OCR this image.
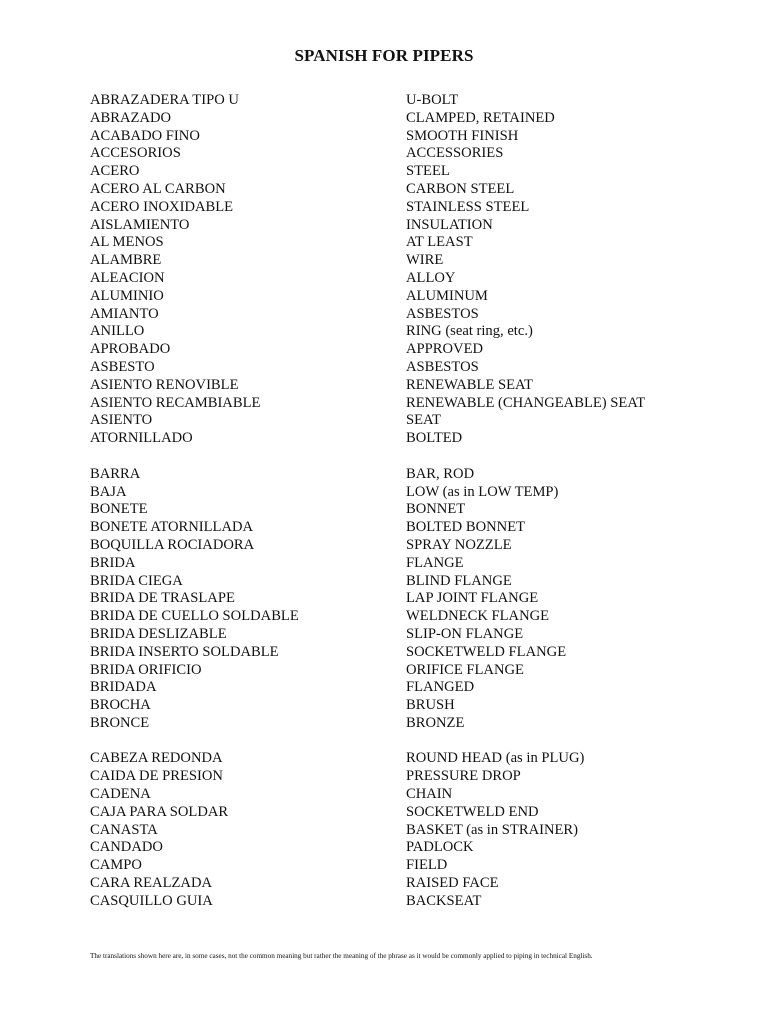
SPANISH FOR PIPERS
ABRAZADERA TIPO U	U-BOLT
ABRAZADO	CLAMPED, RETAINED
ACABADO FINO	SMOOTH FINISH
ACCESORIOS	ACCESSORIES
ACERO	STEEL
ACERO AL CARBON	CARBON STEEL
ACERO INOXIDABLE	STAINLESS STEEL
AISLAMIENTO	INSULATION
AL MENOS	AT LEAST
ALAMBRE	WIRE
ALEACION	ALLOY
ALUMINIO	ALUMINUM
AMIANTO	ASBESTOS
ANILLO	RING (seat ring, etc.)
APROBADO	APPROVED
ASBESTO	ASBESTOS
ASIENTO RENOVIBLE	RENEWABLE SEAT
ASIENTO RECAMBIABLE	RENEWABLE (CHANGEABLE) SEAT
ASIENTO	SEAT
ATORNILLADO	BOLTED
BARRA	BAR, ROD
BAJA	LOW (as in LOW TEMP)
BONETE	BONNET
BONETE ATORNILLADA	BOLTED BONNET
BOQUILLA ROCIADORA	SPRAY NOZZLE
BRIDA	FLANGE
BRIDA CIEGA	BLIND FLANGE
BRIDA DE TRASLAPE	LAP JOINT FLANGE
BRIDA DE CUELLO SOLDABLE	WELDNECK FLANGE
BRIDA DESLIZABLE	SLIP-ON FLANGE
BRIDA INSERTO SOLDABLE	SOCKETWELD FLANGE
BRIDA ORIFICIO	ORIFICE FLANGE
BRIDADA	FLANGED
BROCHA	BRUSH
BRONCE	BRONZE
CABEZA REDONDA	ROUND HEAD (as in PLUG)
CAIDA DE PRESION	PRESSURE DROP
CADENA	CHAIN
CAJA PARA SOLDAR	SOCKETWELD END
CANASTA	BASKET (as in STRAINER)
CANDADO	PADLOCK
CAMPO	FIELD
CARA REALZADA	RAISED FACE
CASQUILLO GUIA	BACKSEAT
The translations shown here are, in some cases, not the common meaning but rather the meaning of the phrase as it would be commonly applied to piping in technical English.
